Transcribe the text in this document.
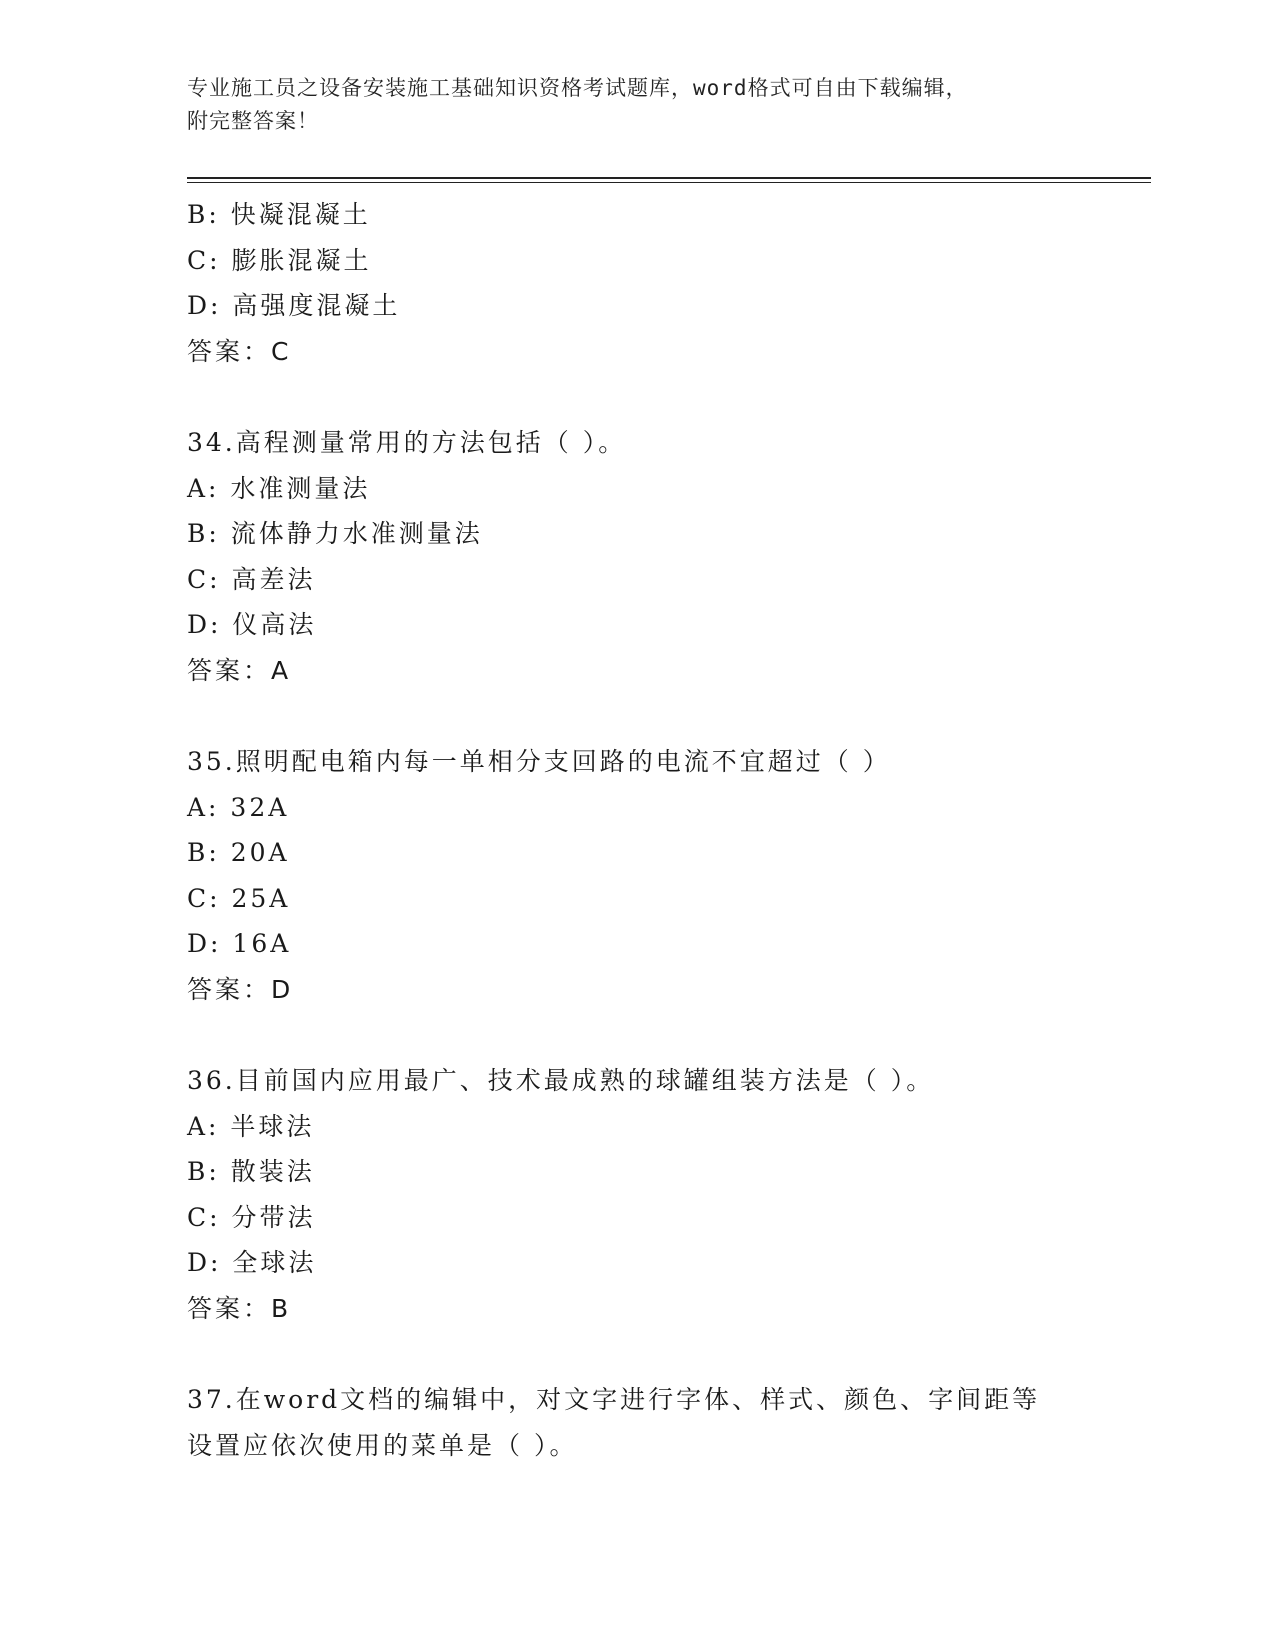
专业施工员之设备安装施工基础知识资格考试题库，word格式可自由下载编辑，
附完整答案！
B: 快凝混凝土
C: 膨胀混凝土
D: 高强度混凝土
答案：C
34.高程测量常用的方法包括（ ）。
A: 水准测量法
B: 流体静力水准测量法
C: 高差法
D: 仪高法
答案：A
35.照明配电箱内每一单相分支回路的电流不宜超过（ ）
A: 32A
B: 20A
C: 25A
D: 16A
答案：D
36.目前国内应用最广、技术最成熟的球罐组装方法是（ ）。
A: 半球法
B: 散装法
C: 分带法
D: 全球法
答案：B
37.在word文档的编辑中，对文字进行字体、样式、颜色、字间距等
设置应依次使用的菜单是（ ）。
